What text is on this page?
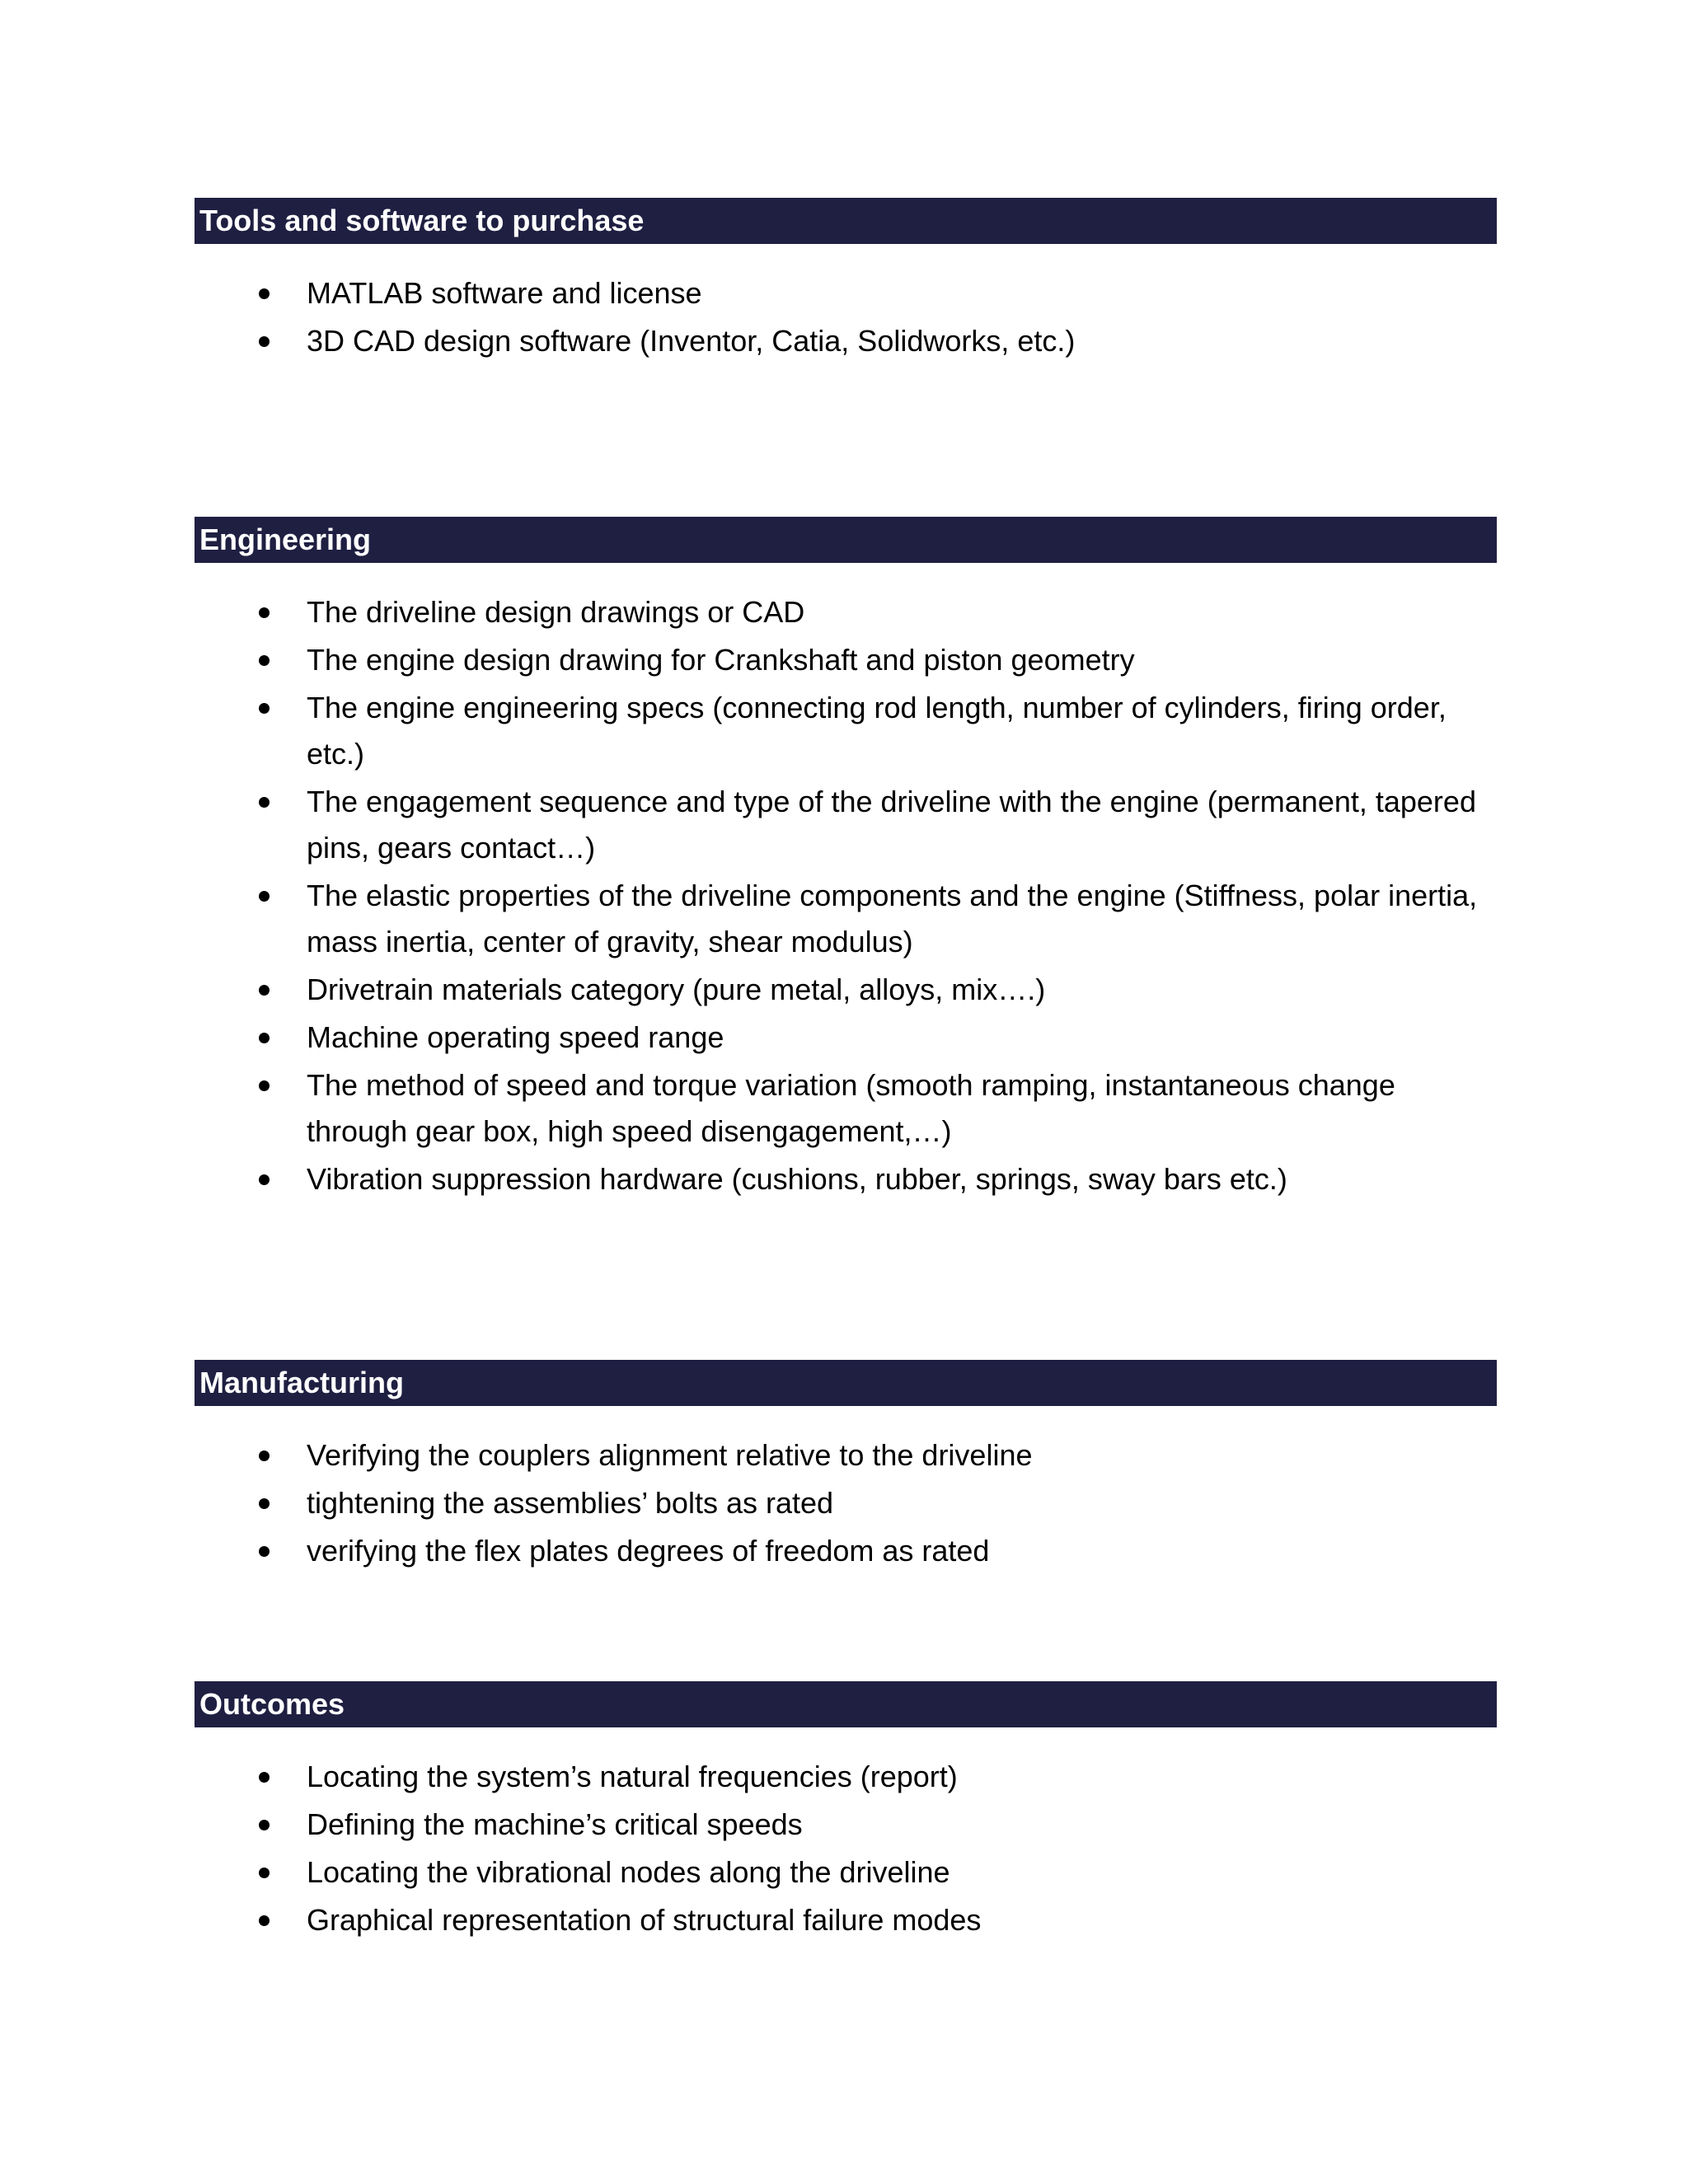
Tools and software to purchase
MATLAB software and license
3D CAD design software (Inventor, Catia, Solidworks, etc.)
Engineering
The driveline design drawings or CAD
The engine design drawing for Crankshaft and piston geometry
The engine engineering specs (connecting rod length, number of cylinders, firing order, etc.)
The engagement sequence and type of the driveline with the engine (permanent, tapered pins, gears contact…)
The elastic properties of the driveline components and the engine (Stiffness, polar inertia, mass inertia, center of gravity, shear modulus)
Drivetrain materials category (pure metal, alloys, mix….)
Machine operating speed range
The method of speed and torque variation (smooth ramping, instantaneous change through gear box, high speed disengagement,…)
Vibration suppression hardware (cushions, rubber, springs, sway bars etc.)
Manufacturing
Verifying the couplers alignment relative to the driveline
tightening the assemblies’ bolts as rated
verifying the flex plates degrees of freedom as rated
Outcomes
Locating the system’s natural frequencies (report)
Defining the machine’s critical speeds
Locating the vibrational nodes along the driveline
Graphical representation of structural failure modes
